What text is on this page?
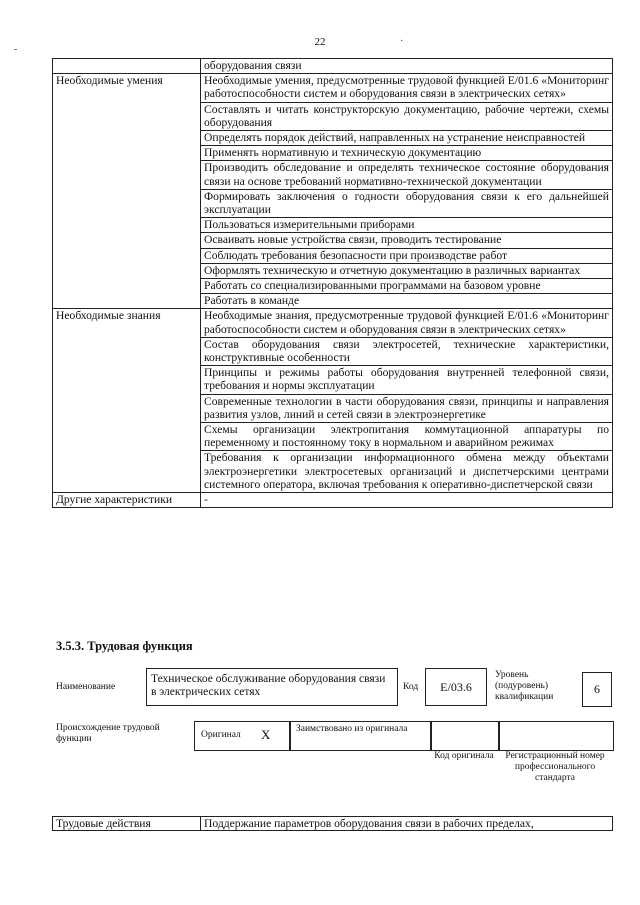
22
-
·
	оборудования связи
Необходимые умения	Необходимые умения, предусмотренные трудовой функцией Е/01.6 «Мониторинг работоспособности систем и оборудования связи в электрических сетях»
	Составлять и читать конструкторскую документацию, рабочие чертежи, схемы оборудования
	Определять порядок действий, направленных на устранение неисправностей
	Применять нормативную и техническую документацию
	Производить обследование и определять техническое состояние оборудования связи на основе требований нормативно-технической документации
	Формировать заключения о годности оборудования связи к его дальнейшей эксплуатации
	Пользоваться измерительными приборами
	Осваивать новые устройства связи, проводить тестирование
	Соблюдать требования безопасности при производстве работ
	Оформлять техническую и отчетную документацию в различных вариантах
	Работать со специализированными программами на базовом уровне
	Работать в команде
Необходимые знания	Необходимые знания, предусмотренные трудовой функцией Е/01.6 «Мониторинг работоспособности систем и оборудования связи в электрических сетях»
	Состав оборудования связи электросетей, технические характеристики, конструктивные особенности
	Принципы и режимы работы оборудования внутренней телефонной связи, требования и нормы эксплуатации
	Современные технологии в части оборудования связи, принципы и направления развития узлов, линий и сетей связи в электроэнергетике
	Схемы организации электропитания коммутационной аппаратуры по переменному и постоянному току в нормальном и аварийном режимах
	Требования к организации информационного обмена между объектами электроэнергетики электросетевых организаций и диспетчерскими центрами системного оператора, включая требования к оперативно-диспетчерской связи
Другие характеристики	-
3.5.3. Трудовая функция
Наименование
Техническое обслуживание оборудования связи в электрических сетях	Код	E/03.6
Уровень (подуровень) квалификации
6
Происхождение трудовой функции	Оригинал X	Заимствовано из оригинала
Код оригинала	Регистрационный номер профессионального стандарта
Трудовые действия	Поддержание параметров оборудования связи в рабочих пределах,
